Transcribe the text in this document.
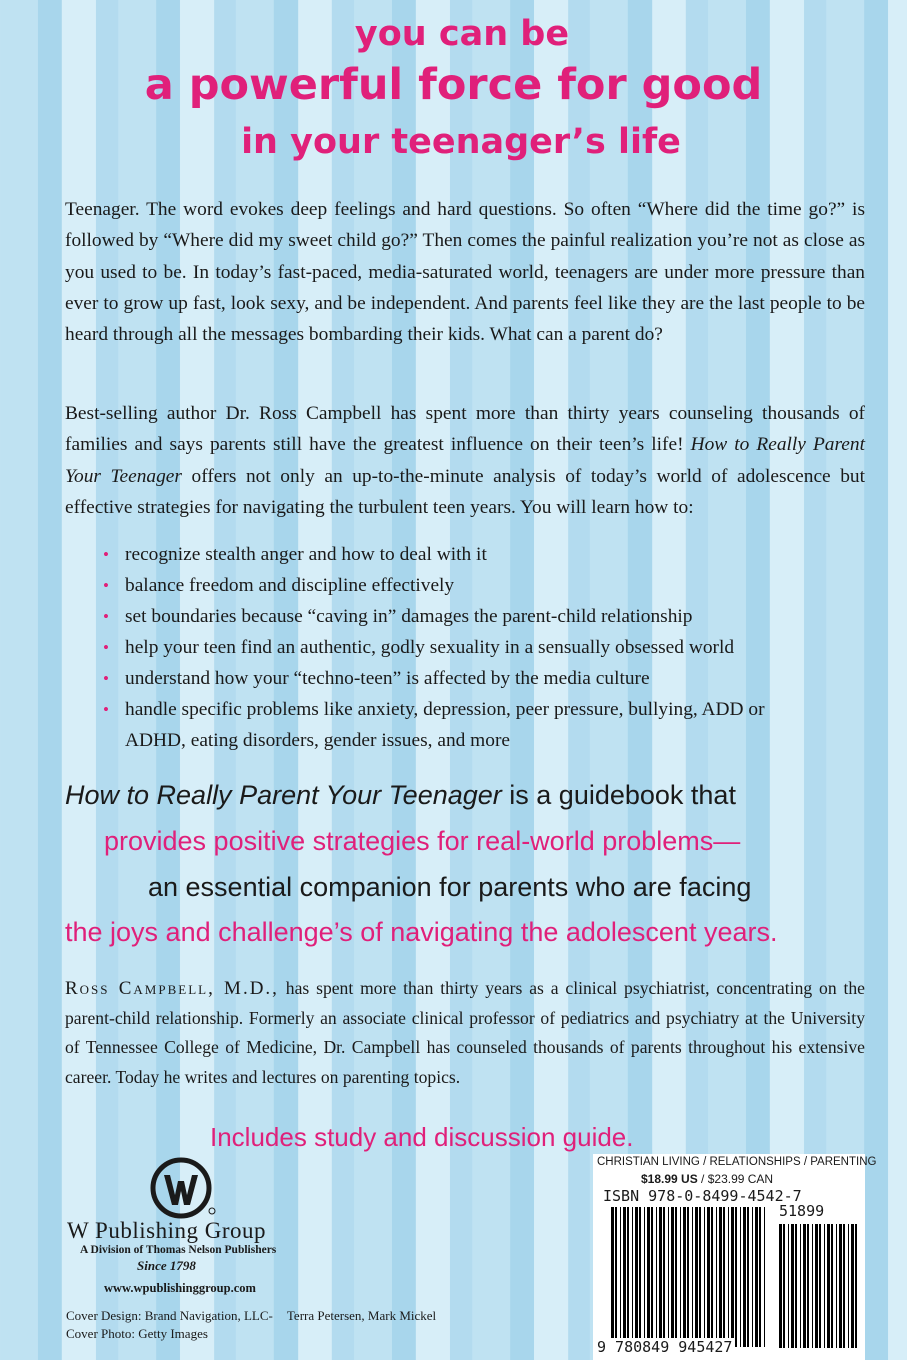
you can be
a powerful force for good
in your teenager’s life
Teenager. The word evokes deep feelings and hard questions. So often “Where did the time go?” is followed by “Where did my sweet child go?” Then comes the painful realization you’re not as close as you used to be. In today’s fast-paced, media-saturated world, teenagers are under more pressure than ever to grow up fast, look sexy, and be independent. And parents feel like they are the last people to be heard through all the messages bombarding their kids. What can a parent do?
Best-selling author Dr. Ross Campbell has spent more than thirty years counseling thousands of families and says parents still have the greatest influence on their teen’s life! How to Really Parent Your Teenager offers not only an up-to-the-minute analysis of today’s world of adolescence but effective strategies for navigating the turbulent teen years. You will learn how to:
• recognize stealth anger and how to deal with it
• balance freedom and discipline effectively
• set boundaries because “caving in” damages the parent-child relationship
• help your teen find an authentic, godly sexuality in a sensually obsessed world
• understand how your “techno-teen” is affected by the media culture
• handle specific problems like anxiety, depression, peer pressure, bullying, ADD or ADHD, eating disorders, gender issues, and more
How to Really Parent Your Teenager is a guidebook that
provides positive strategies for real-world problems—
an essential companion for parents who are facing
the joys and challenge’s of navigating the adolescent years.
Ross Campbell, M.D., has spent more than thirty years as a clinical psychiatrist, concentrating on the parent-child relationship. Formerly an associate clinical professor of pediatrics and psychiatry at the University of Tennessee College of Medicine, Dr. Campbell has counseled thousands of parents throughout his extensive career. Today he writes and lectures on parenting topics.
Includes study and discussion guide.
W Publishing Group
A Division of Thomas Nelson Publishers
Since 1798
www.wpublishinggroup.com
Cover Design: Brand Navigation, LLC- Terra Petersen, Mark Mickel
Cover Photo: Getty Images
CHRISTIAN LIVING / RELATIONSHIPS / PARENTING
$18.99 US / $23.99 CAN
ISBN 978-0-8499-4542-7
51899
9 780849 945427
